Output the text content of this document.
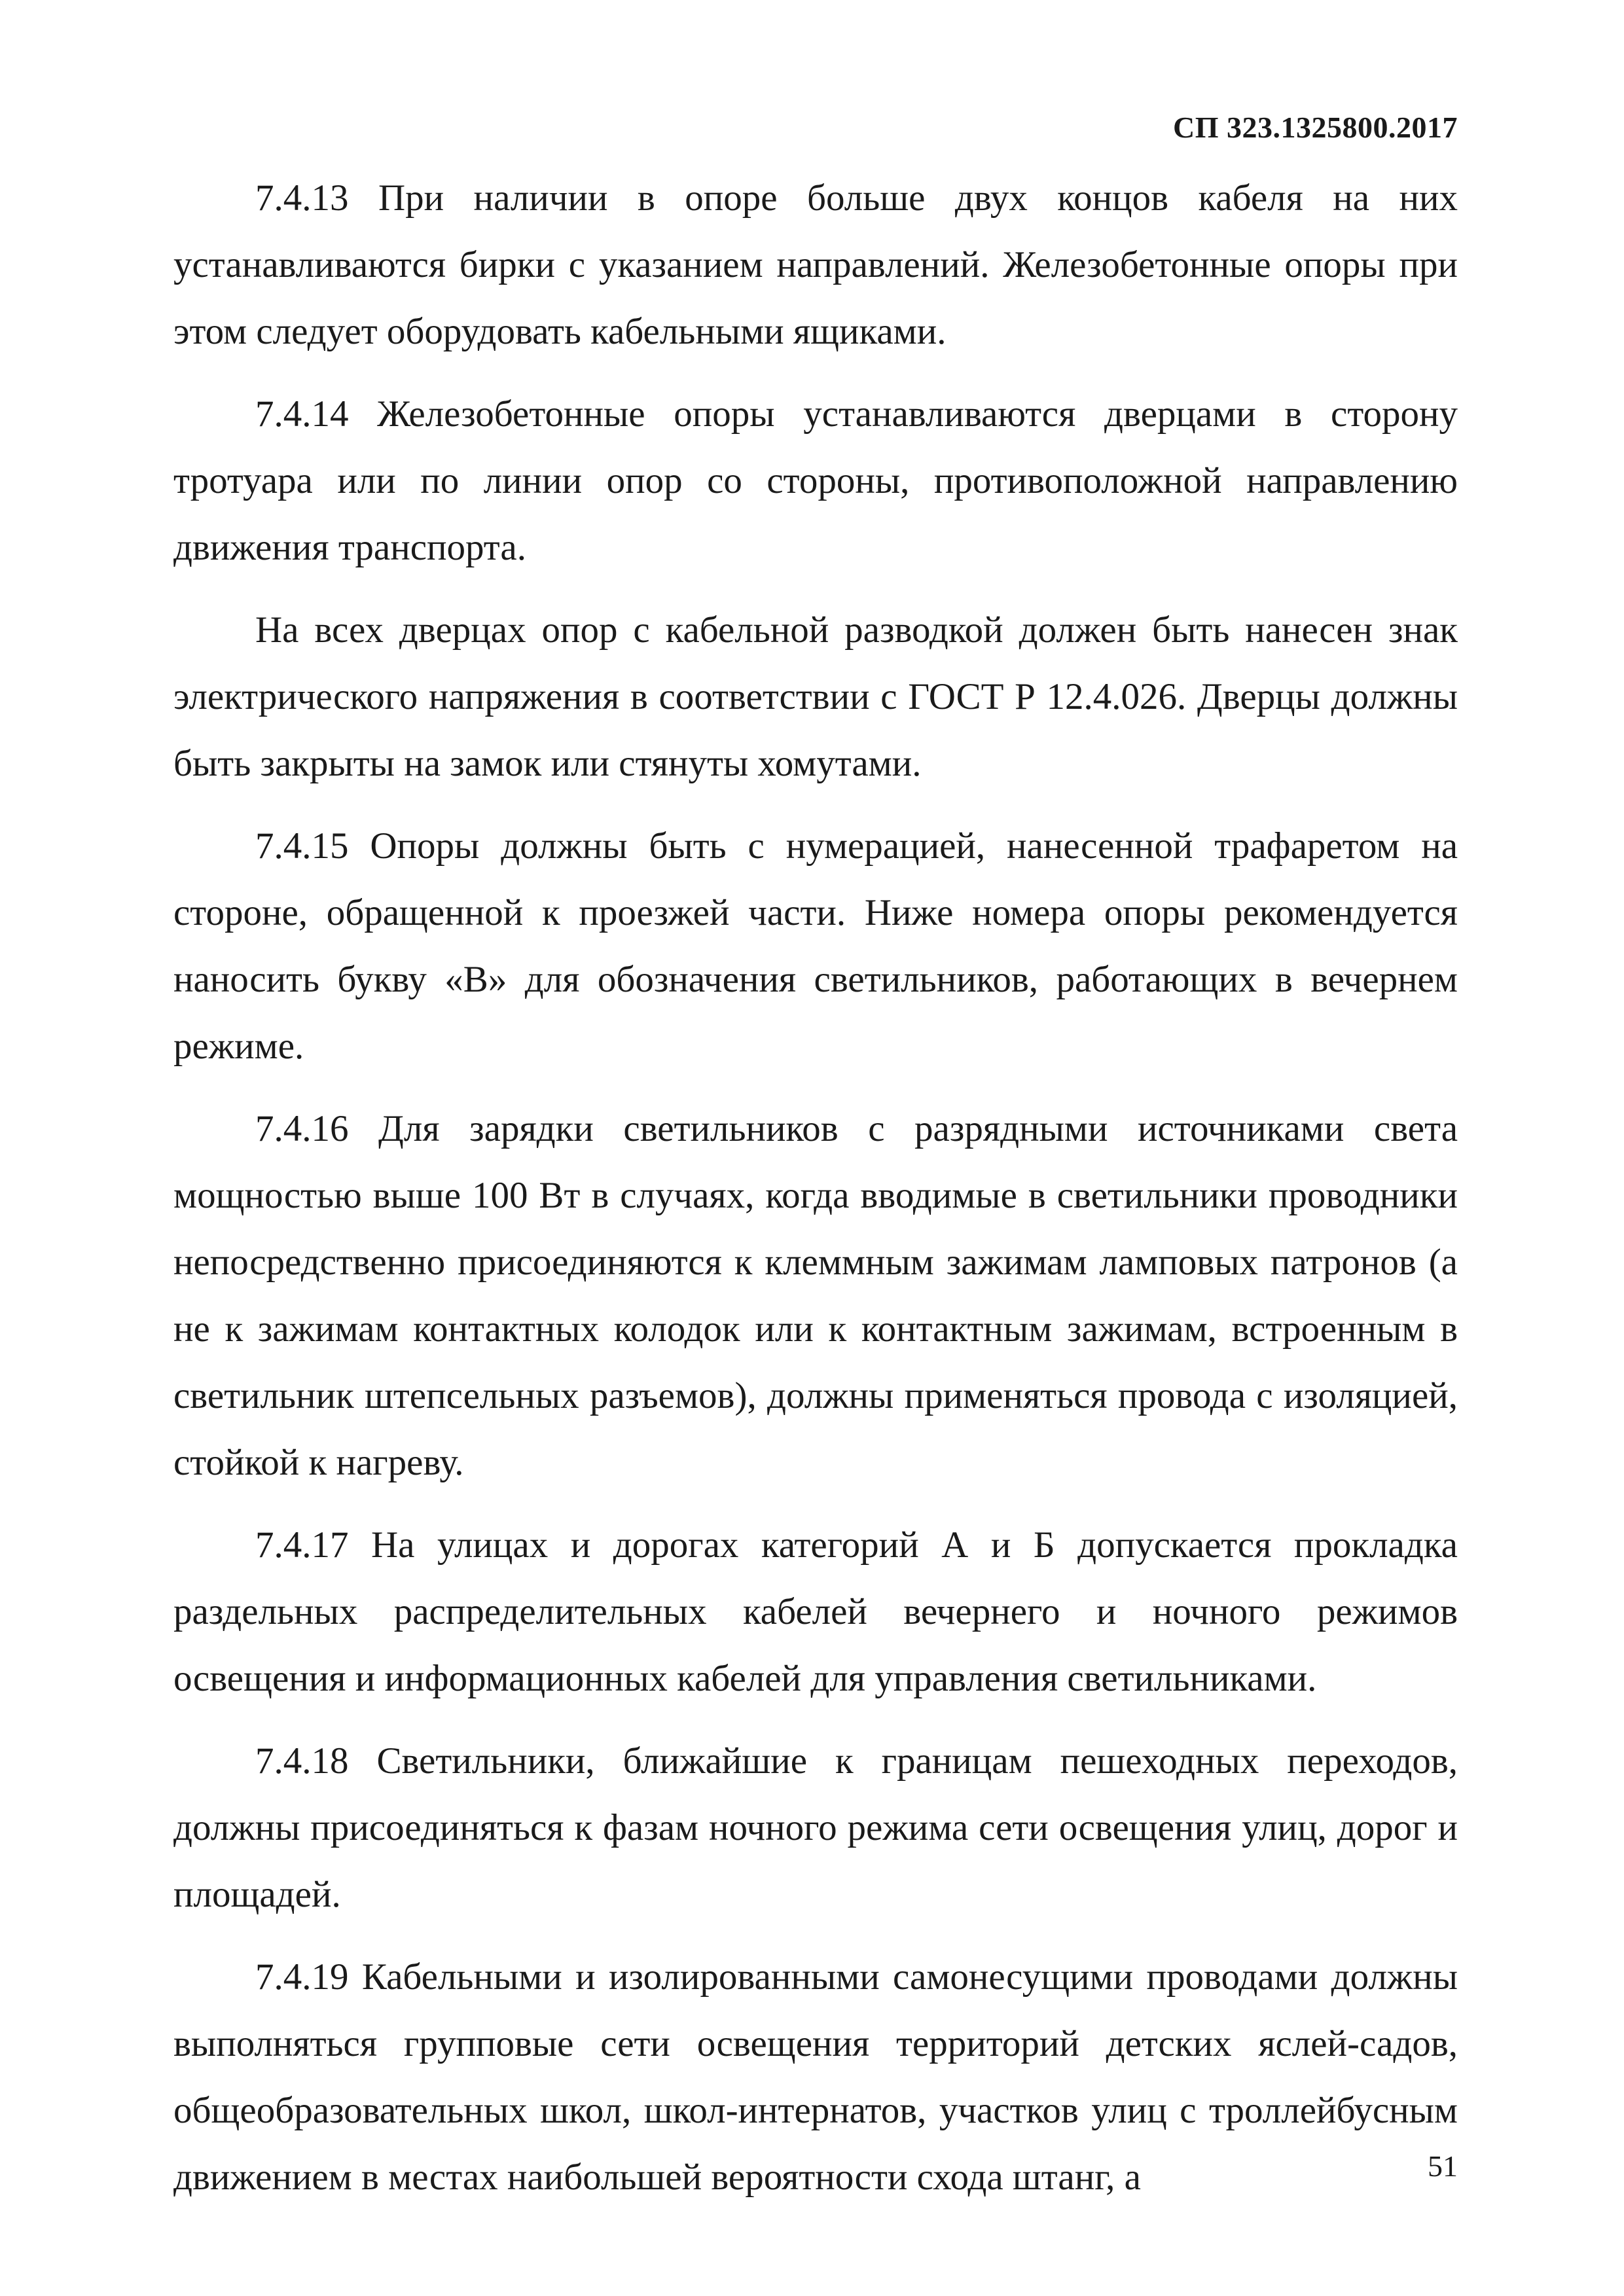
СП 323.1325800.2017

7.4.13 При наличии в опоре больше двух концов кабеля на них устанавливаются бирки с указанием направлений. Железобетонные опоры при этом следует оборудовать кабельными ящиками.

7.4.14 Железобетонные опоры устанавливаются дверцами в сторону тротуара или по линии опор со стороны, противоположной направлению движения транспорта.

На всех дверцах опор с кабельной разводкой должен быть нанесен знак электрического напряжения в соответствии с ГОСТ Р 12.4.026. Дверцы должны быть закрыты на замок или стянуты хомутами.

7.4.15 Опоры должны быть с нумерацией, нанесенной трафаретом на стороне, обращенной к проезжей части. Ниже номера опоры рекомендуется наносить букву «В» для обозначения светильников, работающих в вечернем режиме.

7.4.16 Для зарядки светильников с разрядными источниками света мощностью выше 100 Вт в случаях, когда вводимые в светильники проводники непосредственно присоединяются к клеммным зажимам ламповых патронов (а не к зажимам контактных колодок или к контактным зажимам, встроенным в светильник штепсельных разъемов), должны применяться провода с изоляцией, стойкой к нагреву.

7.4.17 На улицах и дорогах категорий А и Б допускается прокладка раздельных распределительных кабелей вечернего и ночного режимов освещения и информационных кабелей для управления светильниками.

7.4.18 Светильники, ближайшие к границам пешеходных переходов, должны присоединяться к фазам ночного режима сети освещения улиц, дорог и площадей.

7.4.19 Кабельными и изолированными самонесущими проводами должны выполняться групповые сети освещения территорий детских яслей-садов, общеобразовательных школ, школ-интернатов, участков улиц с троллейбусным движением в местах наибольшей вероятности схода штанг, а	51
